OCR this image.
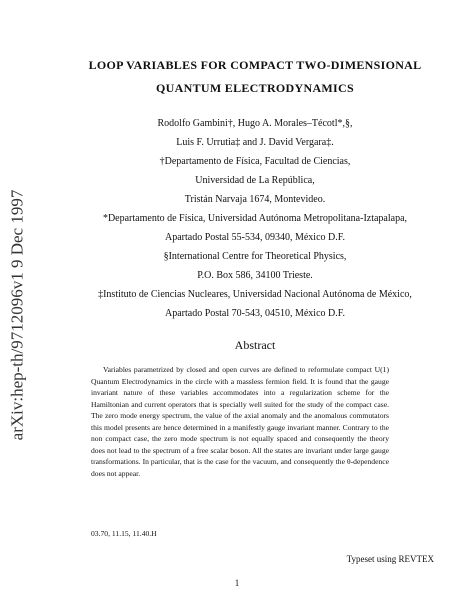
arXiv:hep-th/9712096v1 9 Dec 1997
LOOP VARIABLES FOR COMPACT TWO-DIMENSIONAL
QUANTUM ELECTRODYNAMICS
Rodolfo Gambini†, Hugo A. Morales–Técotl*,§,
Luis F. Urrutia‡ and J. David Vergara‡.
†Departamento de Física, Facultad de Ciencias,
Universidad de La República,
Tristán Narvaja 1674, Montevideo.
*Departamento de Física, Universidad Autónoma Metropolitana-Iztapalapa,
Apartado Postal 55-534, 09340, México D.F.
§International Centre for Theoretical Physics,
P.O. Box 586, 34100 Trieste.
‡Instituto de Ciencias Nucleares, Universidad Nacional Autónoma de México,
Apartado Postal 70-543, 04510, México D.F.
Abstract
Variables parametrized by closed and open curves are defined to reformulate compact U(1) Quantum Electrodynamics in the circle with a massless fermion field. It is found that the gauge invariant nature of these variables accommodates into a regularization scheme for the Hamiltonian and current operators that is specially well suited for the study of the compact case. The zero mode energy spectrum, the value of the axial anomaly and the anomalous commutators this model presents are hence determined in a manifestly gauge invariant manner. Contrary to the non compact case, the zero mode spectrum is not equally spaced and consequently the theory does not lead to the spectrum of a free scalar boson. All the states are invariant under large gauge transformations. In particular, that is the case for the vacuum, and consequently the θ-dependence does not appear.
03.70, 11.15, 11.40.H
Typeset using REVTEX
1
